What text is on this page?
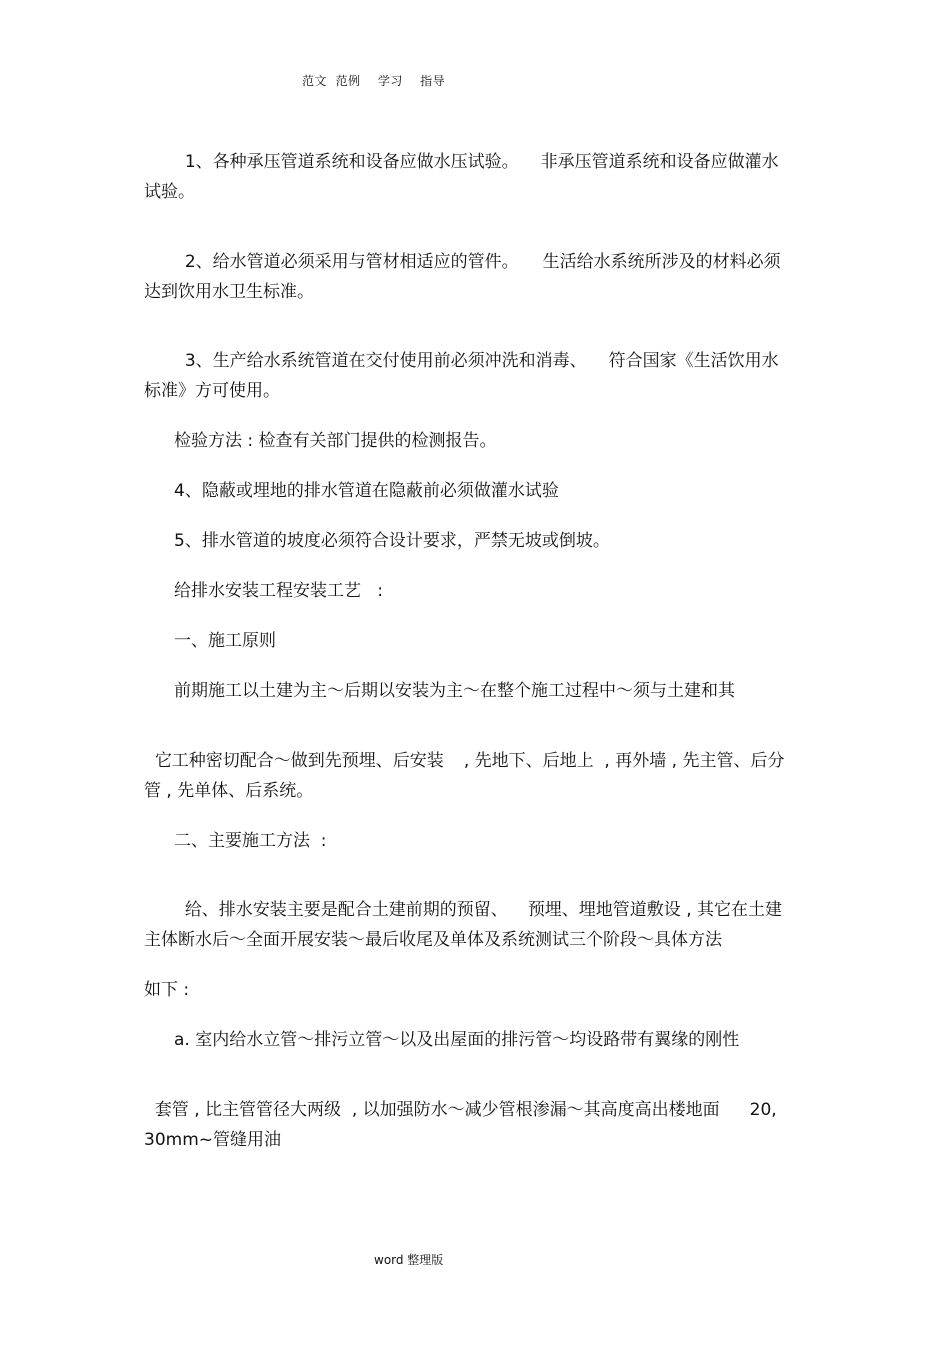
范文  范例    学习    指导

1、各种承压管道系统和设备应做水压试验。 非承压管道系统和设备应做灌水

试验。

2、给水管道必须采用与管材相适应的管件。 生活给水系统所涉及的材料必须

达到饮用水卫生标准。

3、生产给水系统管道在交付使用前必须冲洗和消毒、 符合国家《生活饮用水

标准》方可使用。
检验方法 : 检查有关部门提供的检测报告。
4、隐蔽或埋地的排水管道在隐蔽前必须做灌水试验
5、排水管道的坡度必须符合设计要求，严禁无坡或倒坡。
给排水安装工程安装工艺   :
一、施工原则
前期施工以土建为主～后期以安装为主～在整个施工过程中～须与土建和其

它工种密切配合～做到先预埋、后安装 , 先地下、后地上  , 再外墙 , 先主管、后分

管 , 先单体、后系统。
二、主要施工方法  :

给、排水安装主要是配合土建前期的预留、 预埋、埋地管道敷设 , 其它在土建

主体断水后～全面开展安装～最后收尾及单体及系统测试三个阶段～具体方法
如下 :
a. 室内给水立管～排污立管～以及出屋面的排污管～均设路带有翼缘的刚性

套管 , 比主管管径大两级  , 以加强防水～减少管根渗漏～其高度高出楼地面 20,

30mm~管缝用油
word 整理版
